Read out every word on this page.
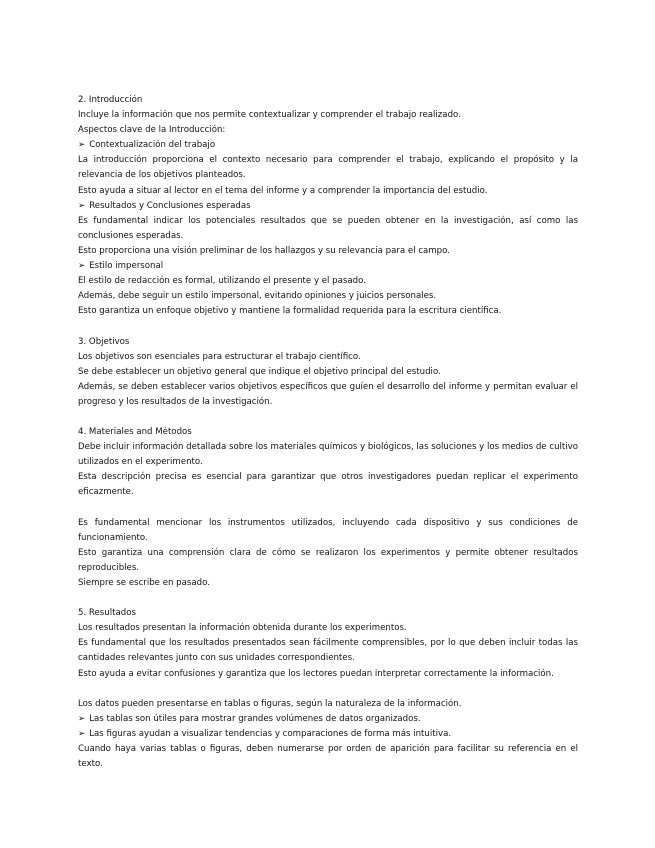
2. Introducción

Incluye la información que nos permite contextualizar y comprender el trabajo realizado.

Aspectos clave de la Introducción:

➢ Contextualización del trabajo

La introducción proporciona el contexto necesario para comprender el trabajo, explicando el propósito y la relevancia de los objetivos planteados.

Esto ayuda a situar al lector en el tema del informe y a comprender la importancia del estudio.

➢ Resultados y Conclusiones esperadas

Es fundamental indicar los potenciales resultados que se pueden obtener en la investigación, así como las conclusiones esperadas.

Esto proporciona una visión preliminar de los hallazgos y su relevancia para el campo.

➢ Estilo impersonal

El estilo de redacción es formal, utilizando el presente y el pasado.

Además, debe seguir un estilo impersonal, evitando opiniones y juicios personales.

Esto garantiza un enfoque objetivo y mantiene la formalidad requerida para la escritura científica.

3. Objetivos

Los objetivos son esenciales para estructurar el trabajo científico.

Se debe establecer un objetivo general que indique el objetivo principal del estudio.

Además, se deben establecer varios objetivos específicos que guíen el desarrollo del informe y permitan evaluar el progreso y los resultados de la investigación.

4. Materiales and Métodos

Debe incluir información detallada sobre los materiales químicos y biológicos, las soluciones y los medios de cultivo utilizados en el experimento.

Esta descripción precisa es esencial para garantizar que otros investigadores puedan replicar el experimento eficazmente.

Es fundamental mencionar los instrumentos utilizados, incluyendo cada dispositivo y sus condiciones de funcionamiento.

Esto garantiza una comprensión clara de cómo se realizaron los experimentos y permite obtener resultados reproducibles.

Siempre se escribe en pasado.

5. Resultados

Los resultados presentan la información obtenida durante los experimentos.

Es fundamental que los resultados presentados sean fácilmente comprensibles, por lo que deben incluir todas las cantidades relevantes junto con sus unidades correspondientes.

Esto ayuda a evitar confusiones y garantiza que los lectores puedan interpretar correctamente la información.

Los datos pueden presentarse en tablas o figuras, según la naturaleza de la información.

➢ Las tablas son útiles para mostrar grandes volúmenes de datos organizados.

➢ Las figuras ayudan a visualizar tendencias y comparaciones de forma más intuitiva.

Cuando haya varias tablas o figuras, deben numerarse por orden de aparición para facilitar su referencia en el texto.
